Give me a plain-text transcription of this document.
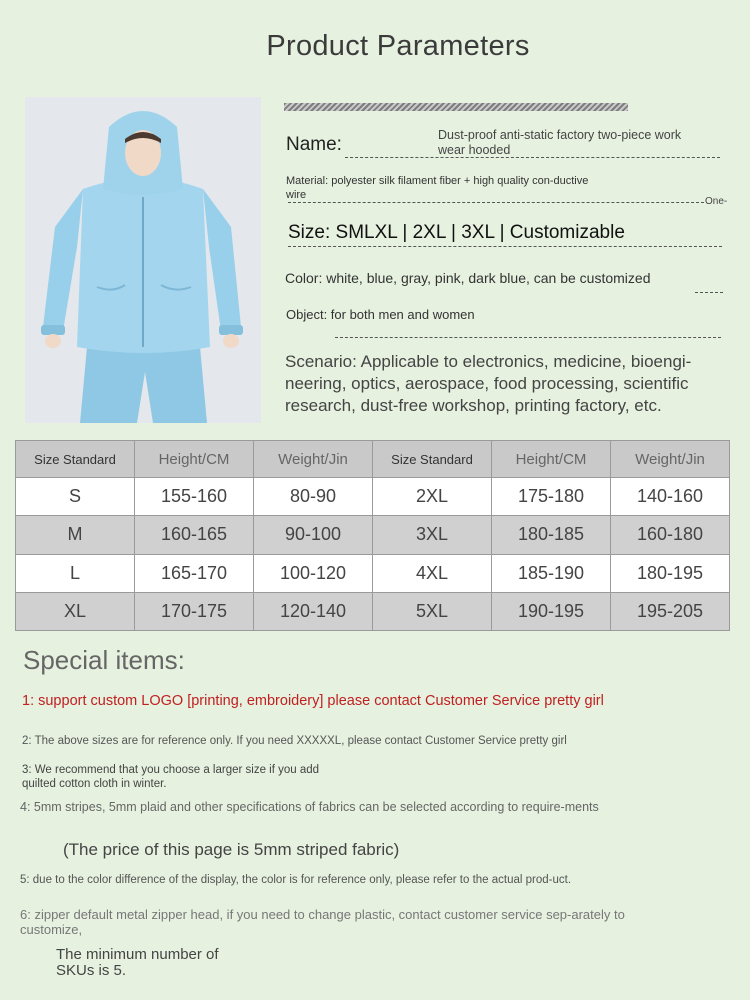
Product Parameters
Name:	Dust-proof anti-static factory two-piece work wear hooded
Material: polyester silk filament fiber + high quality con-ductive wire
One-
Size: SMLXL | 2XL | 3XL | Customizable
Color: white, blue, gray, pink, dark blue, can be customized
Object: for both men and women
Scenario: Applicable to electronics, medicine, bioengi-neering, optics, aerospace, food processing, scientific research, dust-free workshop, printing factory, etc.
Size Standard	Height/CM	Weight/Jin	Size Standard	Height/CM	Weight/Jin
S	155-160	80-90	2XL	175-180	140-160
M	160-165	90-100	3XL	180-185	160-180
L	165-170	100-120	4XL	185-190	180-195
XL	170-175	120-140	5XL	190-195	195-205
Special items:
1: support custom LOGO [printing, embroidery] please contact Customer Service pretty girl
2: The above sizes are for reference only. If you need XXXXXL, please contact Customer Service pretty girl
3: We recommend that you choose a larger size if you add quilted cotton cloth in winter.
4: 5mm stripes, 5mm plaid and other specifications of fabrics can be selected according to require-ments
(The price of this page is 5mm striped fabric)
5: due to the color difference of the display, the color is for reference only, please refer to the actual prod-uct.
6: zipper default metal zipper head, if you need to change plastic, contact customer service sep-arately to customize,
The minimum number of SKUs is 5.
